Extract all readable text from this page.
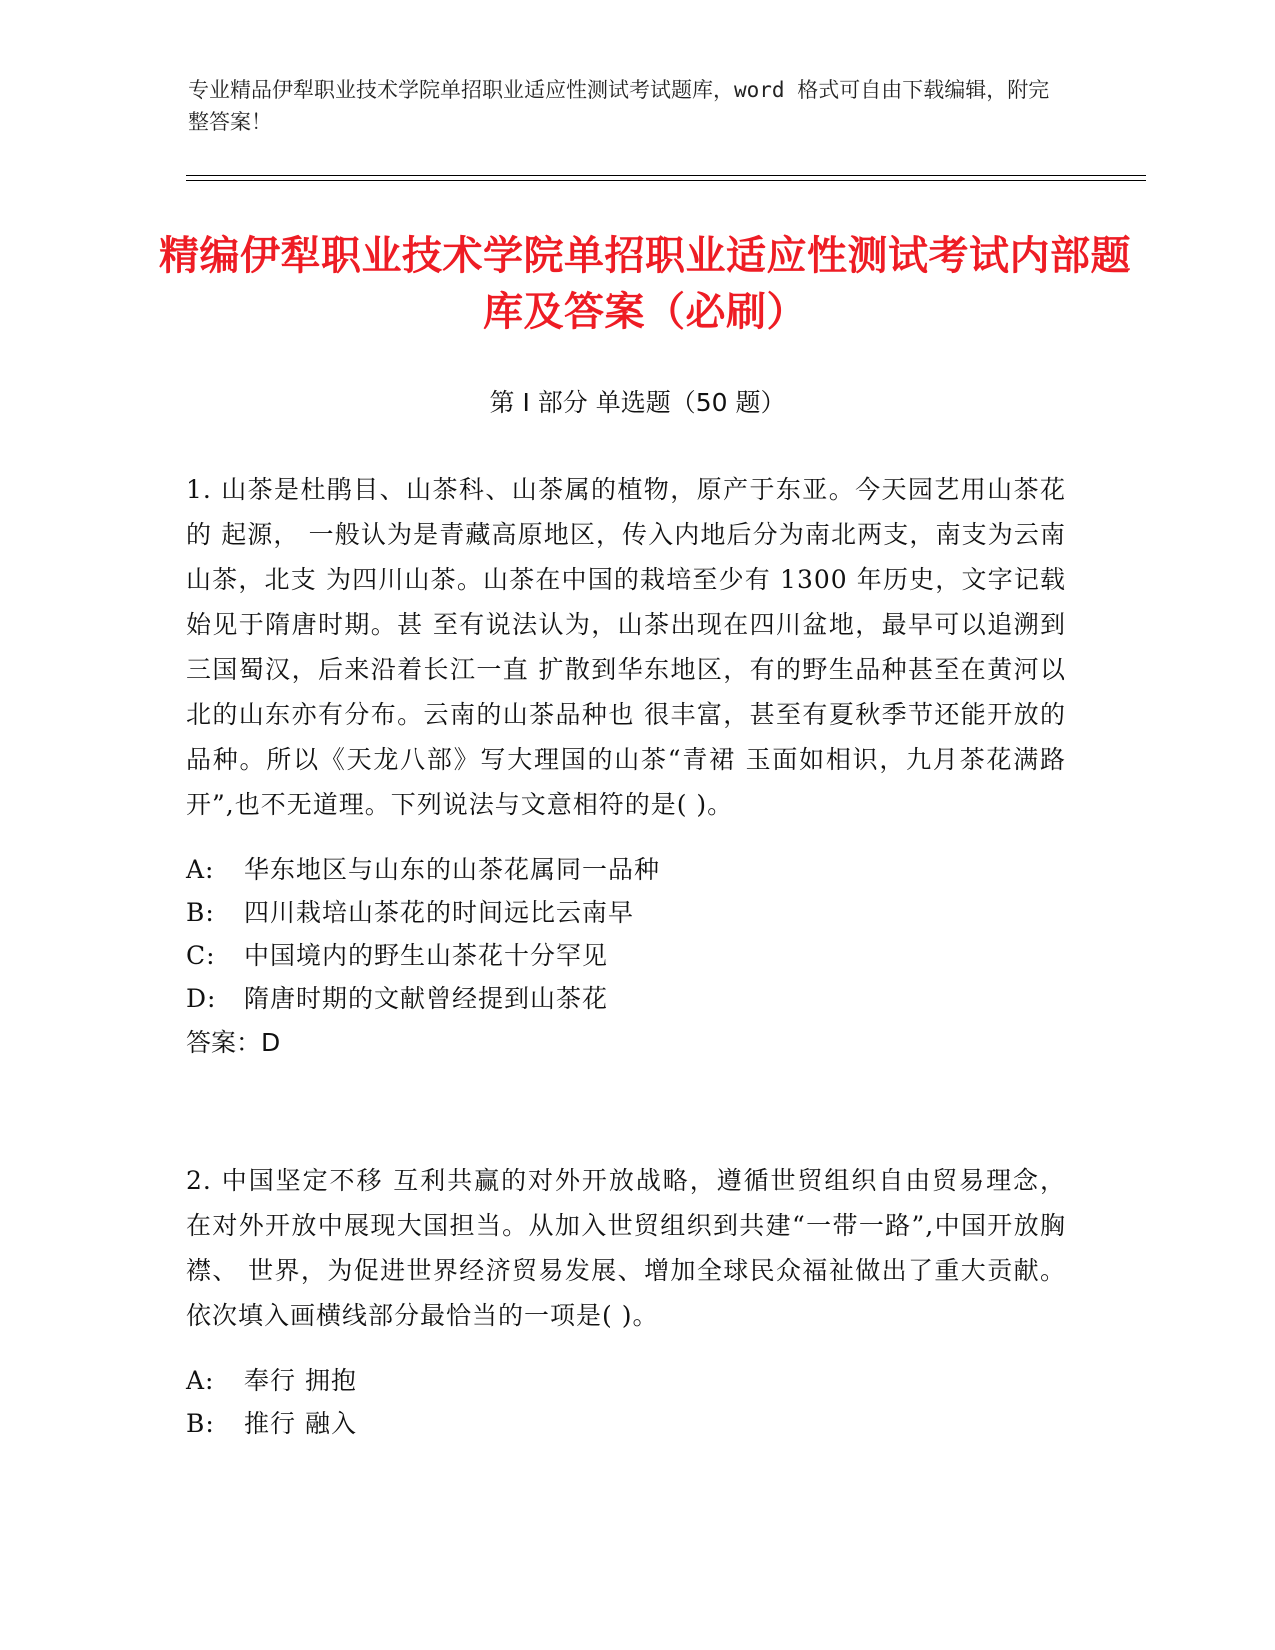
专业精品伊犁职业技术学院单招职业适应性测试考试题库，word 格式可自由下载编辑，附完整答案！
精编伊犁职业技术学院单招职业适应性测试考试内部题库及答案（必刷）
第 I 部分 单选题（50 题）
1. 山茶是杜鹃目、山茶科、山茶属的植物，原产于东亚。今天园艺用山茶花的 起源， 一般认为是青藏高原地区，传入内地后分为南北两支，南支为云南山茶，北支 为四川山茶。山茶在中国的栽培至少有 1300 年历史，文字记载始见于隋唐时期。甚 至有说法认为，山茶出现在四川盆地，最早可以追溯到三国蜀汉，后来沿着长江一直 扩散到华东地区，有的野生品种甚至在黄河以北的山东亦有分布。云南的山茶品种也 很丰富，甚至有夏秋季节还能开放的品种。所以《天龙八部》写大理国的山茶“青裙 玉面如相识，九月茶花满路开”,也不无道理。下列说法与文意相符的是( )。
A: 华东地区与山东的山茶花属同一品种
B: 四川栽培山茶花的时间远比云南早
C: 中国境内的野生山茶花十分罕见
D: 隋唐时期的文献曾经提到山茶花
答案：D
2. 中国坚定不移 互利共赢的对外开放战略，遵循世贸组织自由贸易理念， 在对外开放中展现大国担当。从加入世贸组织到共建“一带一路”,中国开放胸襟、 世界，为促进世界经济贸易发展、增加全球民众福祉做出了重大贡献。依次填入画横线部分最恰当的一项是( )。
A: 奉行 拥抱
B: 推行 融入
